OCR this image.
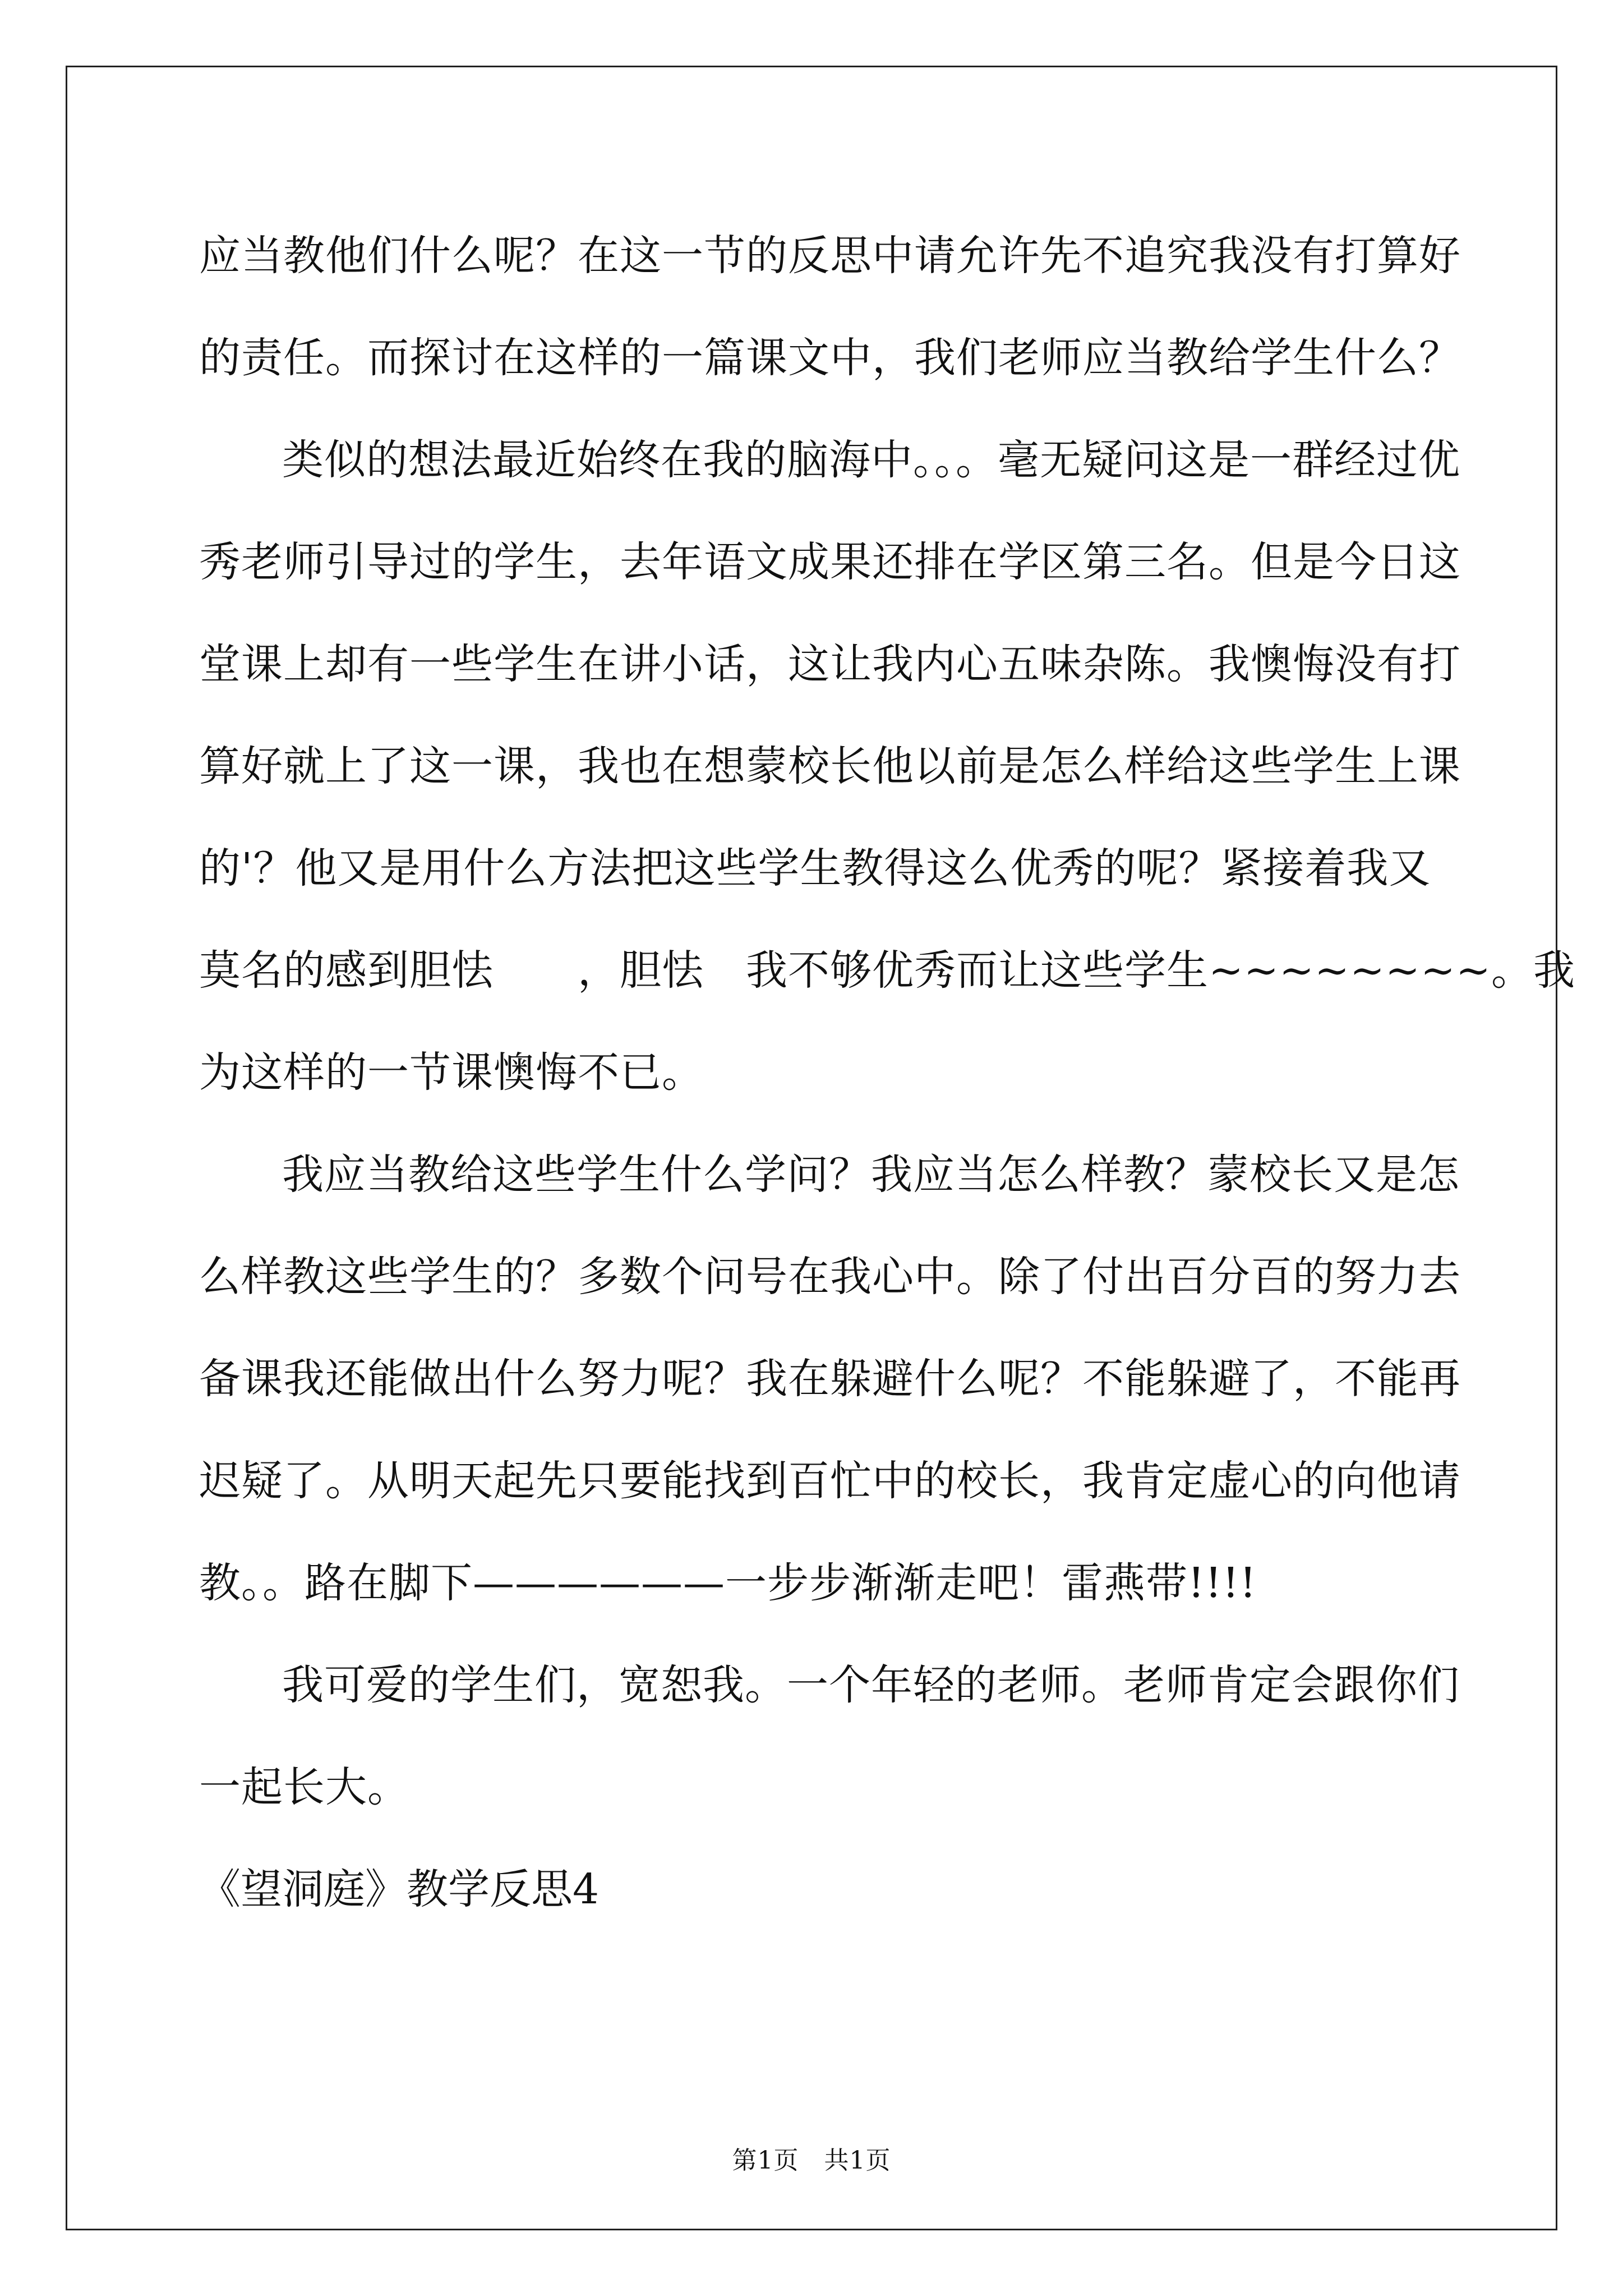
应当教他们什么呢？在这一节的反思中请允许先不追究我没有打算好
的责任。而探讨在这样的一篇课文中，我们老师应当教给学生什么？
类似的想法最近始终在我的脑海中。。。毫无疑问这是一群经过优
秀老师引导过的学生，去年语文成果还排在学区第三名。但是今日这
堂课上却有一些学生在讲小话，这让我内心五味杂陈。我懊悔没有打
算好就上了这一课，我也在想蒙校长他以前是怎么样给这些学生上课
的'？他又是用什么方法把这些学生教得这么优秀的呢？紧接着我又
莫名的感到胆怯　　，胆怯　我不够优秀而让这些学生~~~~~~~~。我
为这样的一节课懊悔不已。
我应当教给这些学生什么学问？我应当怎么样教？蒙校长又是怎
么样教这些学生的？多数个问号在我心中。除了付出百分百的努力去
备课我还能做出什么努力呢？我在躲避什么呢？不能躲避了，不能再
迟疑了。从明天起先只要能找到百忙中的校长，我肯定虚心的向他请
教。。路在脚下——————一步步渐渐走吧！雷燕带!!!!
我可爱的学生们，宽恕我。一个年轻的老师。老师肯定会跟你们
一起长大。
《望洞庭》教学反思4
第1页　共1页
